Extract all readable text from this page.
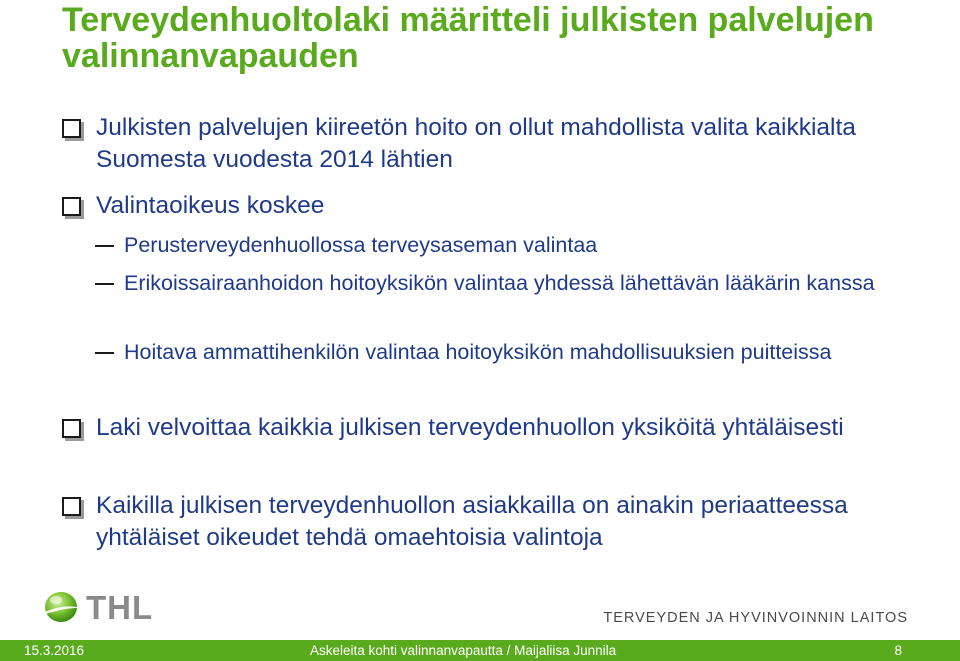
Terveydenhuoltolaki määritteli julkisten palvelujen valinnanvapauden
Julkisten palvelujen kiireetön hoito on ollut mahdollista valita kaikkialta Suomesta vuodesta 2014 lähtien
Valintaoikeus koskee
Perusterveydenhuollossa terveysaseman valintaa
Erikoissairaanhoidon hoitoyksikön valintaa yhdessä lähettävän lääkärin kanssa
Hoitava ammattihenkilön valintaa hoitoyksikön mahdollisuuksien puitteissa
Laki velvoittaa kaikkia julkisen terveydenhuollon yksiköitä yhtäläisesti
Kaikilla julkisen terveydenhuollon asiakkailla on ainakin periaatteessa yhtäläiset oikeudet tehdä omaehtoisia valintoja
THL	TERVEYDEN JA HYVINVOINNIN LAITOS
15.3.2016	Askeleita kohti valinnanvapautta / Maijaliisa Junnila	8
